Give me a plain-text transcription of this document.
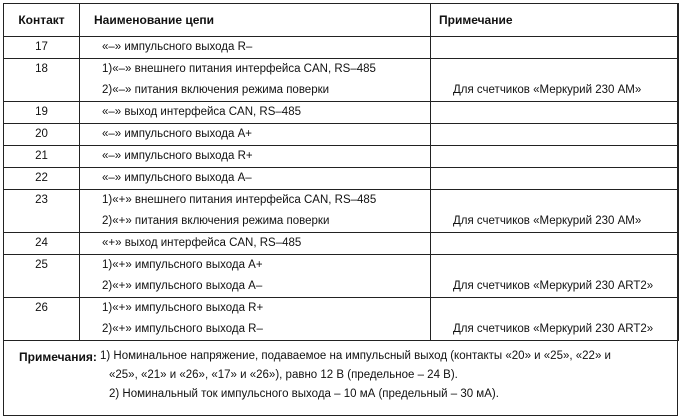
Контакт	Наименование цепи	Примечание
17	«–» импульсного выхода R–	

18	1)«–» внешнего питания интерфейса CAN, RS–485
2)«–» питания включения режима поверки	Для счетчиков «Меркурий 230 АМ»

19	«–» выход интерфейса CAN, RS–485	

20	«–» импульсного выхода А+	

21	«–» импульсного выхода R+	

22	«–» импульсного выхода А–	

23	1)«+» внешнего питания интерфейса CAN, RS–485
2)«+» питания включения режима поверки	Для счетчиков «Меркурий 230 АМ»

24	«+» выход интерфейса CAN, RS–485	

25	1)«+» импульсного выхода А+
2)«+» импульсного выхода А–	Для счетчиков «Меркурий 230 ART2»

26	1)«+» импульсного выхода R+
2)«+» импульсного выхода R–	Для счетчиков «Меркурий 230 ART2»
Примечания: 1) Номинальное напряжение, подаваемое на импульсный выход (контакты «20» и «25», «22» и
«25», «21» и «26», «17» и «26»), равно 12 В (предельное – 24 В).
2) Номинальный ток импульсного выхода – 10 мА (предельный – 30 мА).
